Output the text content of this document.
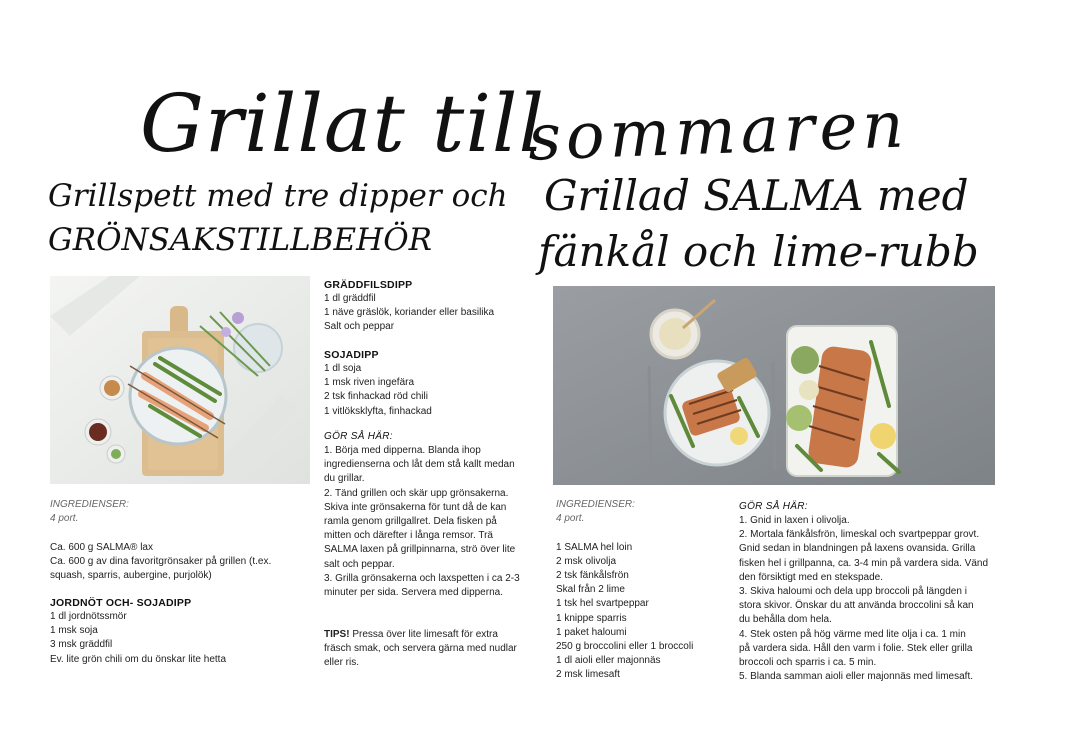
Grillat till
sommaren
Grillspett med tre dipper och
GRÖNSAKSTILLBEHÖR
Grillad SALMA med
fänkål och lime-rubb
INGREDIENSER:
4 port.

Ca. 600 g SALMA® lax
Ca. 600 g av dina favoritgrönsaker på grillen (t.ex.
squash, sparris, aubergine, purjolök)
JORDNÖT OCH- SOJADIPP
1 dl jordnötssmör
1 msk soja
3 msk gräddfil
Ev. lite grön chili om du önskar lite hetta
GRÄDDFILSDIPP
1 dl gräddfil
1 näve gräslök, koriander eller basilika
Salt och peppar
SOJADIPP
1 dl soja
1 msk riven ingefära
2 tsk finhackad röd chili
1 vitlöksklyfta, finhackad
GÖR SÅ HÄR:
1. Börja med dipperna. Blanda ihop
ingredienserna och låt dem stå kallt medan
du grillar.
2. Tänd grillen och skär upp grönsakerna.
Skiva inte grönsakerna för tunt då de kan
ramla genom grillgallret. Dela fisken på
mitten och därefter i långa remsor. Trä
SALMA laxen på grillpinnarna, strö över lite
salt och peppar.
3. Grilla grönsakerna och laxspetten i ca 2-3
minuter per sida. Servera med dipperna.
TIPS! Pressa över lite limesaft för extra
fräsch smak, och servera gärna med nudlar
eller ris.
INGREDIENSER:
4 port.

1 SALMA hel loin
2 msk olivolja
2 tsk fänkålsfrön
Skal från 2 lime
1 tsk hel svartpeppar
1 knippe sparris
1 paket haloumi
250 g broccolini eller 1 broccoli
1 dl aioli eller majonnäs
2 msk limesaft
GÖR SÅ HÄR:
1. Gnid in laxen i olivolja.
2. Mortala fänkålsfrön, limeskal och svartpeppar grovt.
Gnid sedan in blandningen på laxens ovansida. Grilla
fisken hel i grillpanna, ca. 3-4 min på vardera sida. Vänd
den försiktigt med en stekspade.
3. Skiva haloumi och dela upp broccoli på längden i
stora skivor. Önskar du att använda broccolini så kan
du behålla dom hela.
4. Stek osten på hög värme med lite olja i ca. 1 min
på vardera sida. Håll den varm i folie. Stek eller grilla
broccoli och sparris i ca. 5 min.
5. Blanda samman aioli eller majonnäs med limesaft.
